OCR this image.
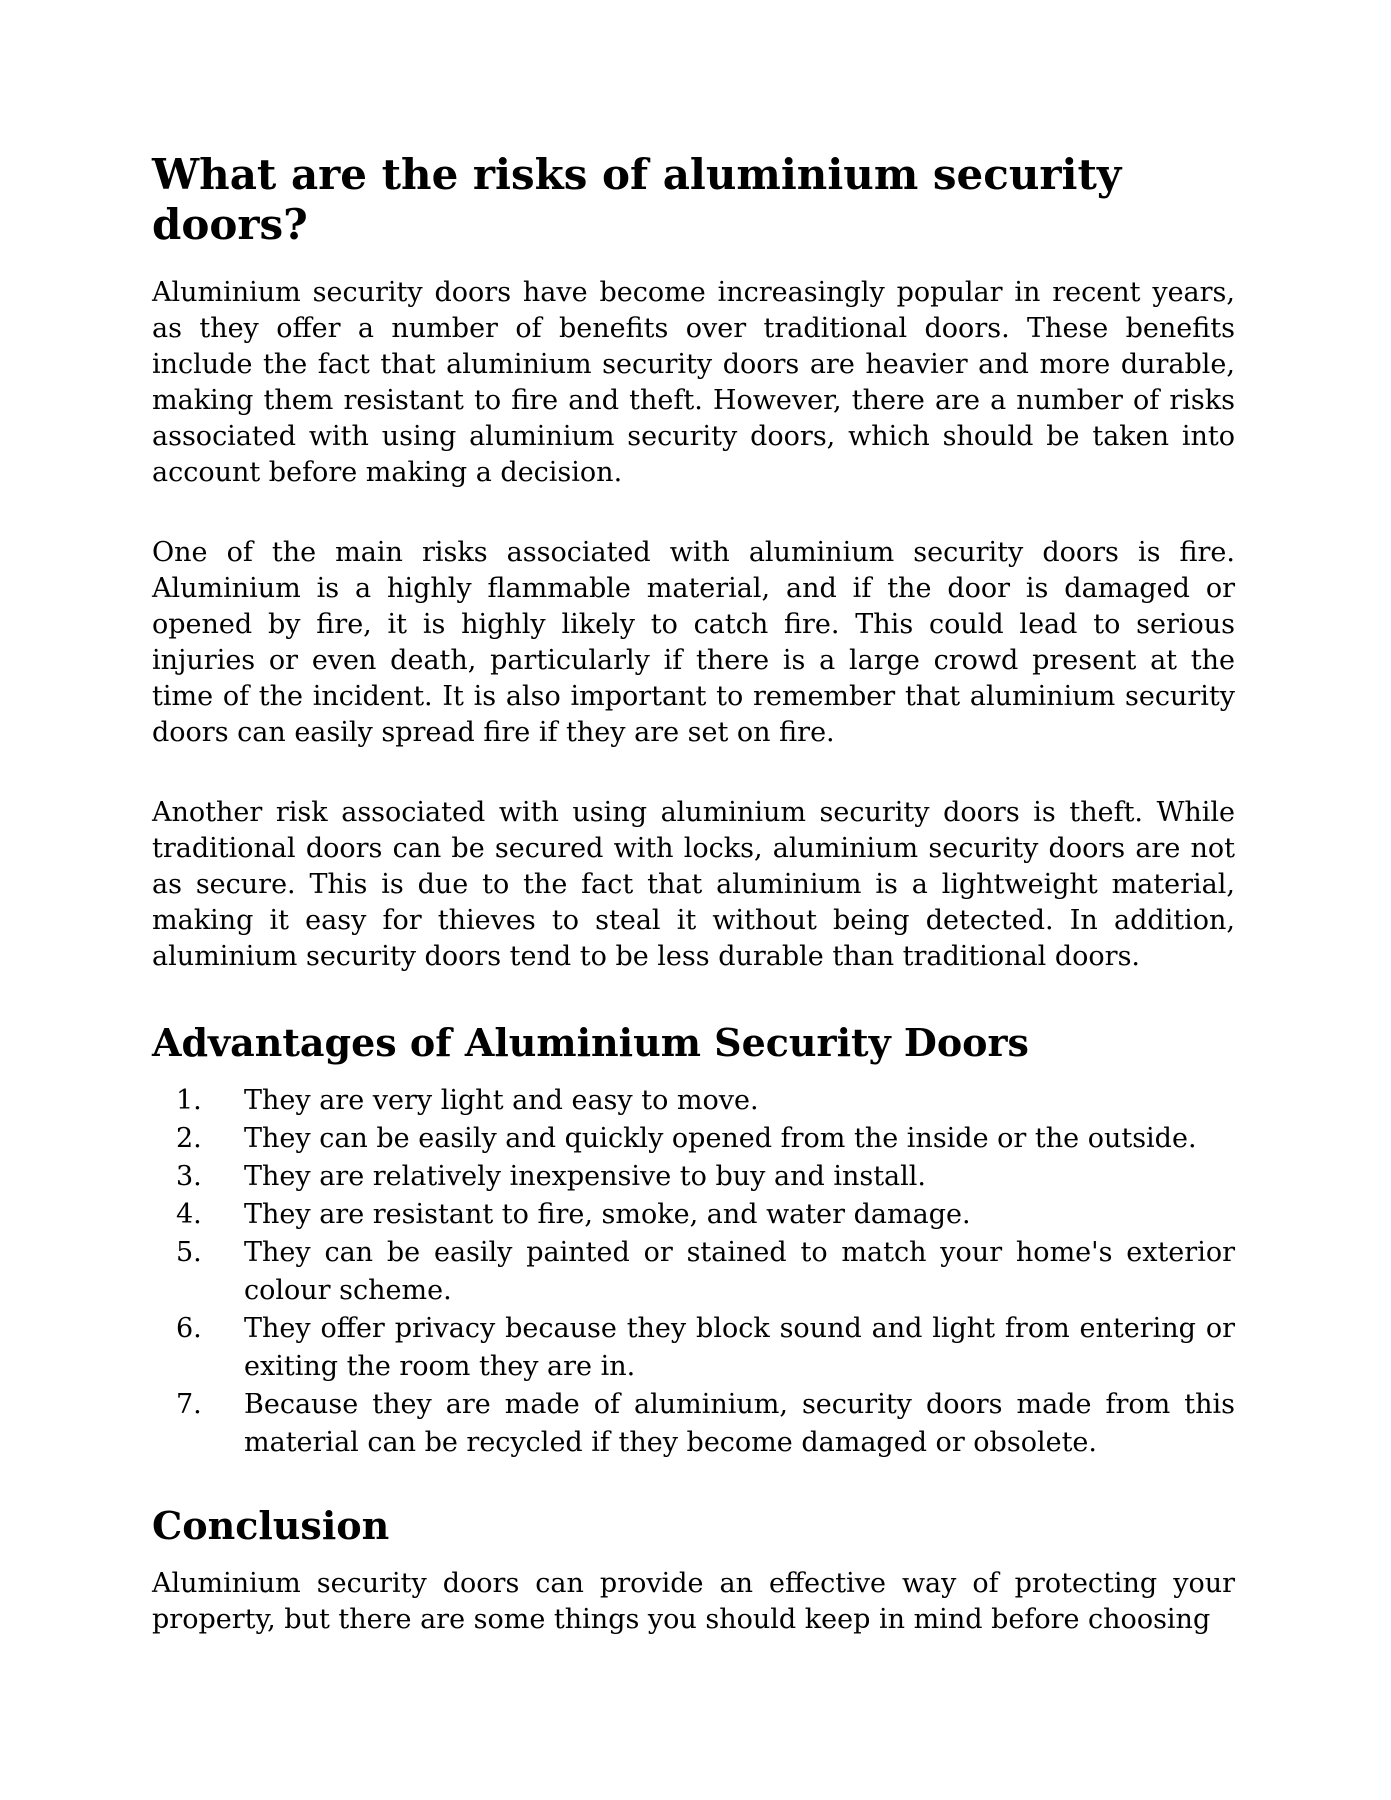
What are the risks of aluminium security doors?

Aluminium security doors have become increasingly popular in recent years, as they offer a number of benefits over traditional doors. These benefits include the fact that aluminium security doors are heavier and more durable, making them resistant to fire and theft. However, there are a number of risks associated with using aluminium security doors, which should be taken into account before making a decision.

One of the main risks associated with aluminium security doors is fire. Aluminium is a highly flammable material, and if the door is damaged or opened by fire, it is highly likely to catch fire. This could lead to serious injuries or even death, particularly if there is a large crowd present at the time of the incident. It is also important to remember that aluminium security doors can easily spread fire if they are set on fire.

Another risk associated with using aluminium security doors is theft. While traditional doors can be secured with locks, aluminium security doors are not as secure. This is due to the fact that aluminium is a lightweight material, making it easy for thieves to steal it without being detected. In addition, aluminium security doors tend to be less durable than traditional doors.

Advantages of Aluminium Security Doors
1. They are very light and easy to move.
2. They can be easily and quickly opened from the inside or the outside.
3. They are relatively inexpensive to buy and install.
4. They are resistant to fire, smoke, and water damage.
5. They can be easily painted or stained to match your home's exterior colour scheme.
6. They offer privacy because they block sound and light from entering or exiting the room they are in.
7. Because they are made of aluminium, security doors made from this material can be recycled if they become damaged or obsolete.
Conclusion

Aluminium security doors can provide an effective way of protecting your property, but there are some things you should keep in mind before choosing
